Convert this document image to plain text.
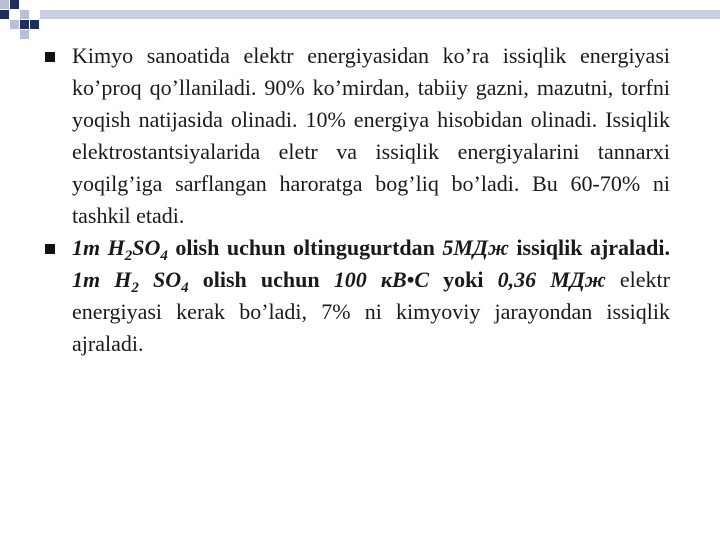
Kimyo sanoatida elektr energiyasidan ko’ra issiqlik energiyasi ko’proq qo’llaniladi. 90% ko’mirdan, tabiiy gazni, mazutni, torfni yoqish natijasida olinadi. 10% energiya hisobidan olinadi. Issiqlik elektrostantsiyalarida eletr va issiqlik energiyalarini tannarxi yoqilg’iga sarflangan haroratga bog’liq bo’ladi. Bu 60-70% ni tashkil etadi.
1т $Н_2SO_4$ olish uchun oltingugurtdan 5МДж issiqlik ajraladi. 1т $Н_2$ $SO_4$ olish uchun 100 кВ•С yoki 0,36 МДж elektr energiyasi kerak bo’ladi, 7% ni kimyoviy jarayondan issiqlik ajraladi.
